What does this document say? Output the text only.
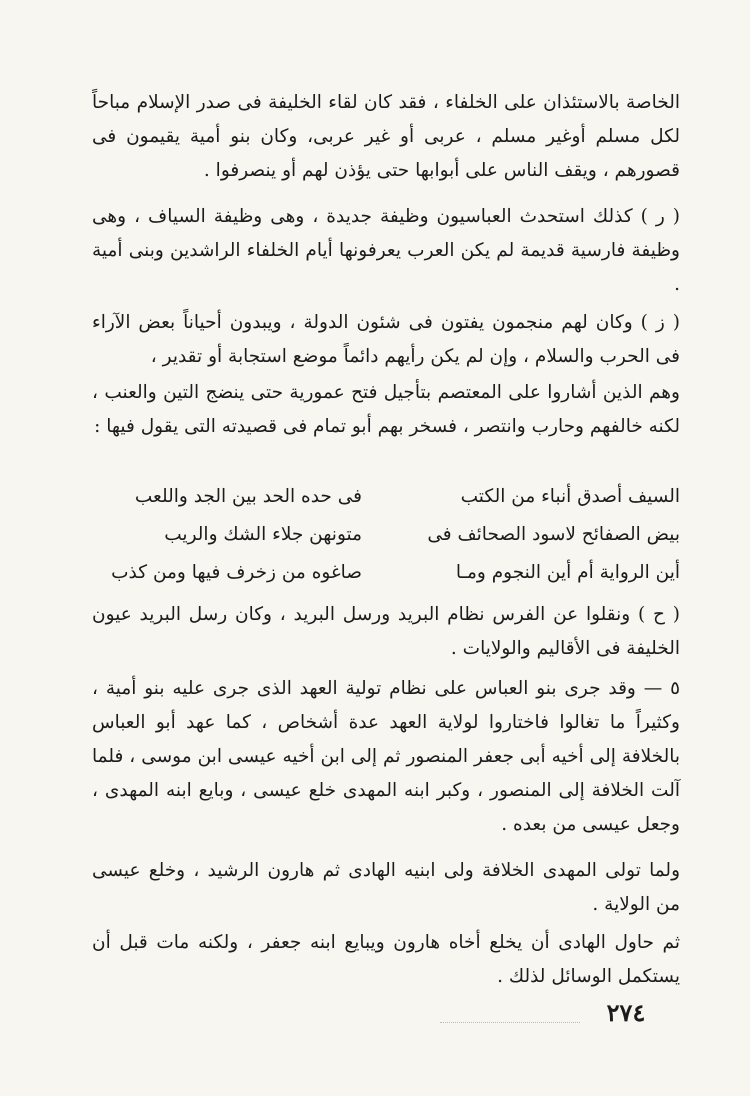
الخاصة بالاستئذان على الخلفاء ، فقد كان لقاء الخليفة فى صدر الإسلام مباحاً لكل مسلم أوغير مسلم ، عربى أو غير عربى، وكان بنو أمية يقيمون فى قصورهم ، ويقف الناس على أبوابها حتى يؤذن لهم أو ينصرفوا .

( ر ) كذلك استحدث العباسيون وظيفة جديدة ، وهى وظيفة السياف ، وهى وظيفة فارسية قديمة لم يكن العرب يعرفونها أيام الخلفاء الراشدين وبنى أمية .

( ز ) وكان لهم منجمون يفتون فى شئون الدولة ، ويبدون أحياناً بعض الآراء فى الحرب والسلام ، وإن لم يكن رأيهم دائماً موضع استجابة أو تقدير ،

وهم الذين أشاروا على المعتصم بتأجيل فتح عمورية حتى ينضج التين والعنب ، لكنه خالفهم وحارب وانتصر ، فسخر بهم أبو تمام فى قصيدته التى يقول فيها :

السيف أصدق أنباء من الكتب
فى حده الحد بين الجد واللعب
بيض الصفائح لاسود الصحائف فى
متونهن جلاء الشك والريب
أين الرواية أم أين النجوم ومـا
صاغوه من زخرف فيها ومن كذب

( ح ) ونقلوا عن الفرس نظام البريد ورسل البريد ، وكان رسل البريد عيون الخليفة فى الأقاليم والولايات .

٥ — وقد جرى بنو العباس على نظام تولية العهد الذى جرى عليه بنو أمية ، وكثيراً ما تغالوا فاختاروا لولاية العهد عدة أشخاص ، كما عهد أبو العباس بالخلافة إلى أخيه أبى جعفر المنصور ثم إلى ابن أخيه عيسى ابن موسى ، فلما آلت الخلافة إلى المنصور ، وكبر ابنه المهدى خلع عيسى ، وبايع ابنه المهدى ، وجعل عيسى من بعده .

ولما تولى المهدى الخلافة ولى ابنيه الهادى ثم هارون الرشيد ، وخلع عيسى من الولاية .

ثم حاول الهادى أن يخلع أخاه هارون ويبايع ابنه جعفر ، ولكنه مات قبل أن يستكمل الوسائل لذلك .

٢٧٤
